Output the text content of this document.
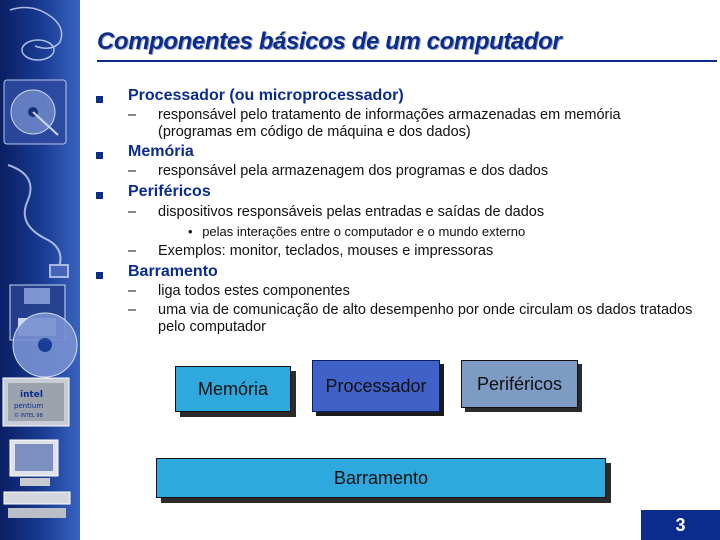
intel
pentium
© INTEL 98
Componentes básicos de um computador
Processador (ou microprocessador)
– responsável pelo tratamento de informações armazenadas em memória (programas em código de máquina e dos dados)
Memória
– responsável pela armazenagem dos programas e dos dados
Periféricos
– dispositivos responsáveis pelas entradas e saídas de dados
• pelas interações entre o computador e o mundo externo
– Exemplos: monitor, teclados, mouses e impressoras
Barramento
– liga todos estes componentes
– uma via de comunicação de alto desempenho por onde circulam os dados tratados pelo computador
Memória	Processador	Periféricos
Barramento
3
